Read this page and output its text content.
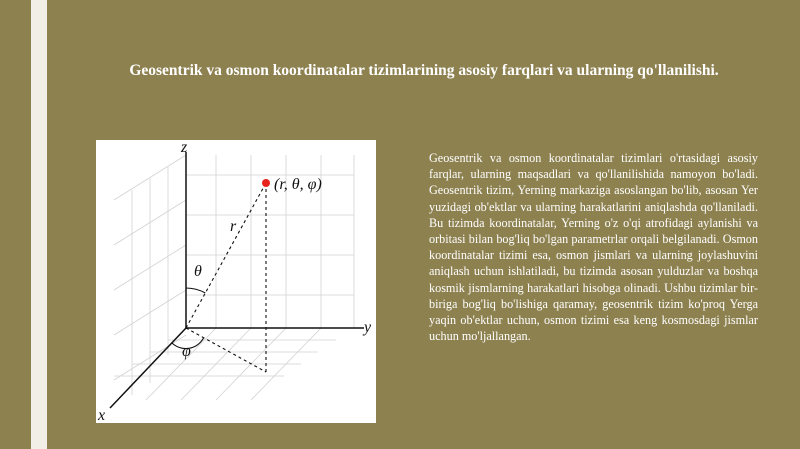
Geosentrik va osmon koordinatalar tizimlarining asosiy farqlari va ularning qo'llanilishi.
(r, θ, φ)
z
y
x
r
θ
φ

Geosentrik va osmon koordinatalar tizimlari o'rtasidagi asosiy farqlar, ularning maqsadlari va qo'llanilishida namoyon bo'ladi. Geosentrik tizim, Yerning markaziga asoslangan bo'lib, asosan Yer yuzidagi ob'ektlar va ularning harakatlarini aniqlashda qo'llaniladi. Bu tizimda koordinatalar, Yerning o'z o'qi atrofidagi aylanishi va orbitasi bilan bog'liq bo'lgan parametrlar orqali belgilanadi. Osmon koordinatalar tizimi esa, osmon jismlari va ularning joylashuvini aniqlash uchun ishlatiladi, bu tizimda asosan yulduzlar va boshqa kosmik jismlarning harakatlari hisobga olinadi. Ushbu tizimlar bir-biriga bog'liq bo'lishiga qaramay, geosentrik tizim ko'proq Yerga yaqin ob'ektlar uchun, osmon tizimi esa keng kosmosdagi jismlar uchun mo'ljallangan.
